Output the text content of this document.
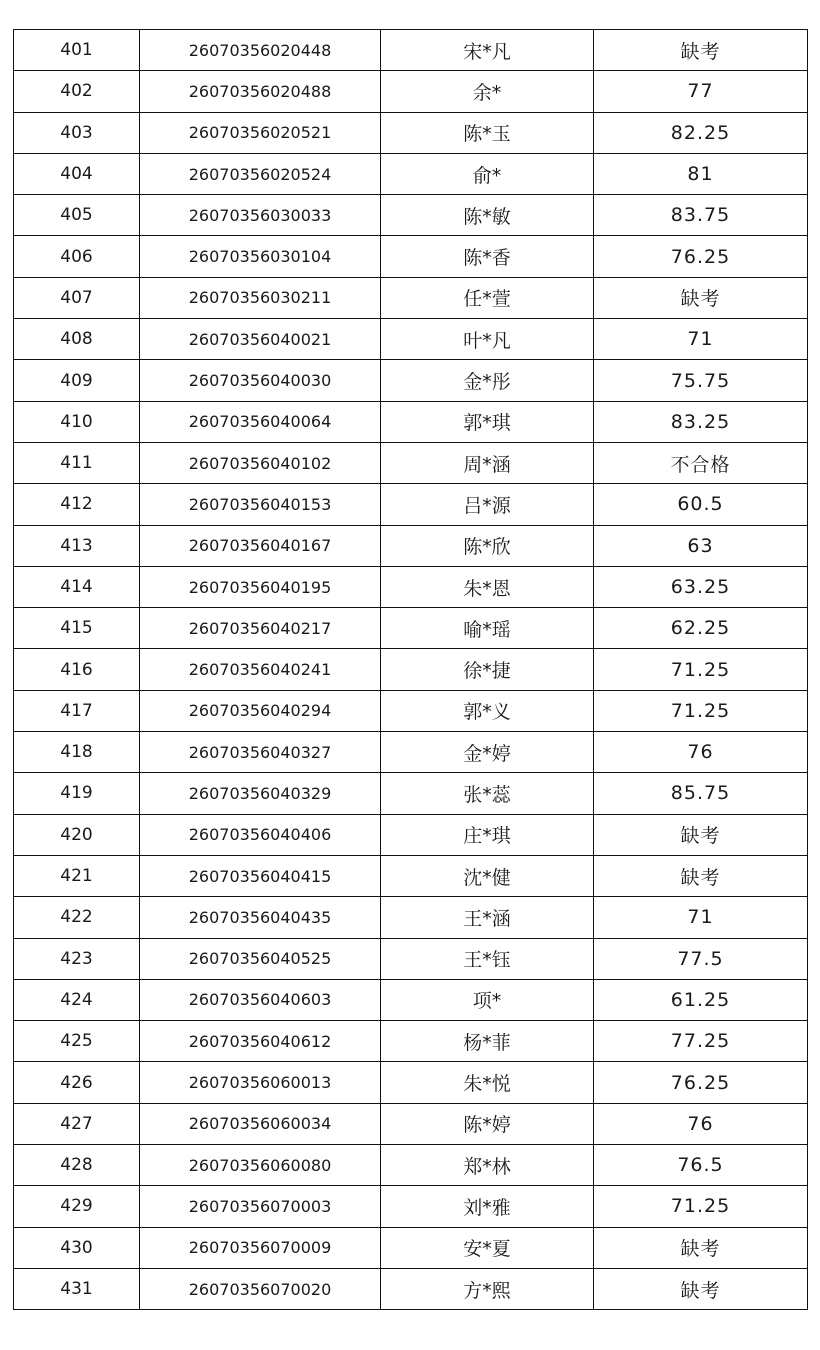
401	26070356020448	宋*凡	缺考
402	26070356020488	余*	77
403	26070356020521	陈*玉	82.25
404	26070356020524	俞*	81
405	26070356030033	陈*敏	83.75
406	26070356030104	陈*香	76.25
407	26070356030211	任*萱	缺考
408	26070356040021	叶*凡	71
409	26070356040030	金*彤	75.75
410	26070356040064	郭*琪	83.25
411	26070356040102	周*涵	不合格
412	26070356040153	吕*源	60.5
413	26070356040167	陈*欣	63
414	26070356040195	朱*恩	63.25
415	26070356040217	喻*瑶	62.25
416	26070356040241	徐*捷	71.25
417	26070356040294	郭*义	71.25
418	26070356040327	金*婷	76
419	26070356040329	张*蕊	85.75
420	26070356040406	庄*琪	缺考
421	26070356040415	沈*健	缺考
422	26070356040435	王*涵	71
423	26070356040525	王*钰	77.5
424	26070356040603	项*	61.25
425	26070356040612	杨*菲	77.25
426	26070356060013	朱*悦	76.25
427	26070356060034	陈*婷	76
428	26070356060080	郑*林	76.5
429	26070356070003	刘*雅	71.25
430	26070356070009	安*夏	缺考
431	26070356070020	方*熙	缺考
